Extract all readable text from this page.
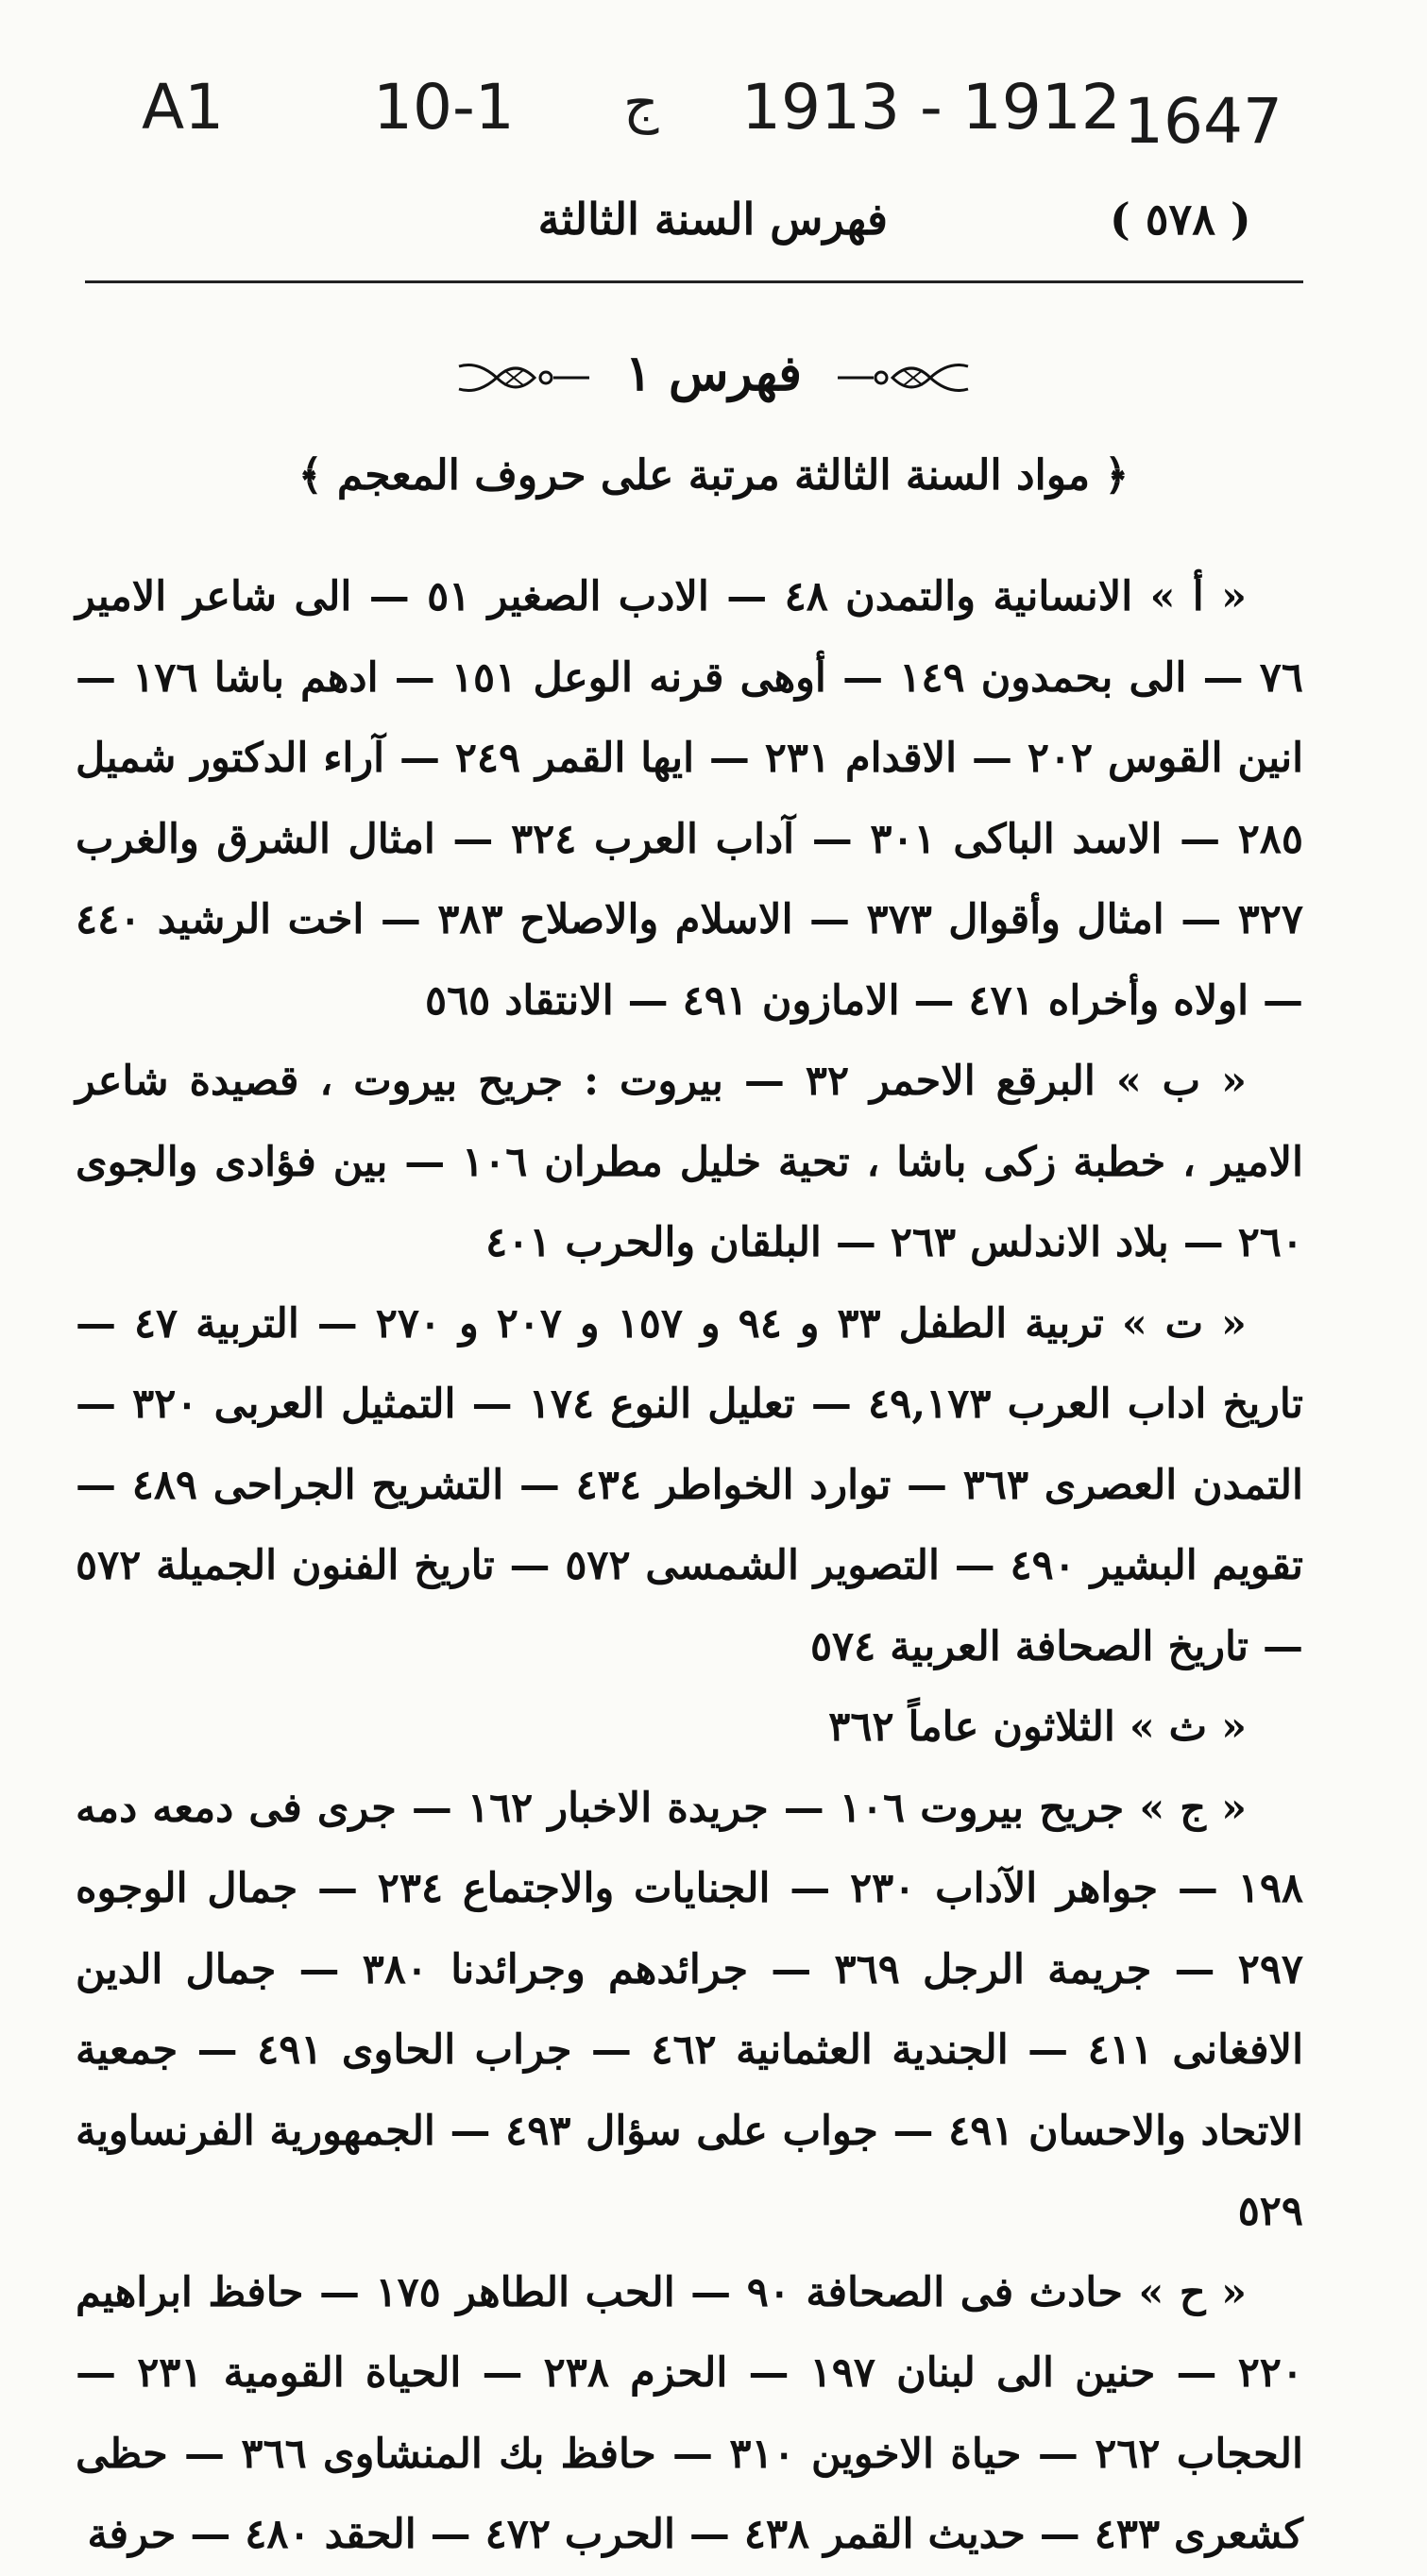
A1 10-1 ج 1913 - 1912 1647
فهرس السنة الثالثة	( ٥٧٨ )
فهرس ١
﴿ مواد السنة الثالثة مرتبة على حروف المعجم ﴾

« أ » الانسانية والتمدن ٤٨ — الادب الصغير ٥١ — الى شاعر الامير ٧٦ — الى بحمدون ١٤٩ — أوهى قرنه الوعل ١٥١ — ادهم باشا ١٧٦ — انين القوس ٢٠٢ — الاقدام ٢٣١ — ايها القمر ٢٤٩ — آراء الدكتور شميل ٢٨٥ — الاسد الباكى ٣٠١ — آداب العرب ٣٢٤ — امثال الشرق والغرب ٣٢٧ — امثال وأقوال ٣٧٣ — الاسلام والاصلاح ٣٨٣ — اخت الرشيد ٤٤٠ — اولاه وأخراه ٤٧١ — الامازون ٤٩١ — الانتقاد ٥٦٥

« ب » البرقع الاحمر ٣٢ — بيروت : جريح بيروت ، قصيدة شاعر الامير ، خطبة زكى باشا ، تحية خليل مطران ١٠٦ — بين فؤادى والجوى ٢٦٠ — بلاد الاندلس ٢٦٣ — البلقان والحرب ٤٠١

« ت » تربية الطفل ٣٣ و ٩٤ و ١٥٧ و ٢٠٧ و ٢٧٠ — التربية ٤٧ — تاريخ اداب العرب ٤٩,١٧٣ — تعليل النوع ١٧٤ — التمثيل العربى ٣٢٠ — التمدن العصرى ٣٦٣ — توارد الخواطر ٤٣٤ — التشريح الجراحى ٤٨٩ — تقويم البشير ٤٩٠ — التصوير الشمسى ٥٧٢ — تاريخ الفنون الجميلة ٥٧٢ — تاريخ الصحافة العربية ٥٧٤

« ث » الثلاثون عاماً ٣٦٢

« ج » جريح بيروت ١٠٦ — جريدة الاخبار ١٦٢ — جرى فى دمعه دمه ١٩٨ — جواهر الآداب ٢٣٠ — الجنايات والاجتماع ٢٣٤ — جمال الوجوه ٢٩٧ — جريمة الرجل ٣٦٩ — جرائدهم وجرائدنا ٣٨٠ — جمال الدين الافغانى ٤١١ — الجندية العثمانية ٤٦٢ — جراب الحاوى ٤٩١ — جمعية الاتحاد والاحسان ٤٩١ — جواب على سؤال ٤٩٣ — الجمهورية الفرنساوية ٥٢٩

« ح » حادث فى الصحافة ٩٠ — الحب الطاهر ١٧٥ — حافظ ابراهيم ٢٢٠ — حنين الى لبنان ١٩٧ — الحزم ٢٣٨ — الحياة القومية ٢٣١ — الحجاب ٢٦٢ — حياة الاخوين ٣١٠ — حافظ بك المنشاوى ٣٦٦ — حظى كشعرى ٤٣٣ — حديث القمر ٤٣٨ — الحرب ٤٧٢ — الحقد ٤٨٠ — حرفة
